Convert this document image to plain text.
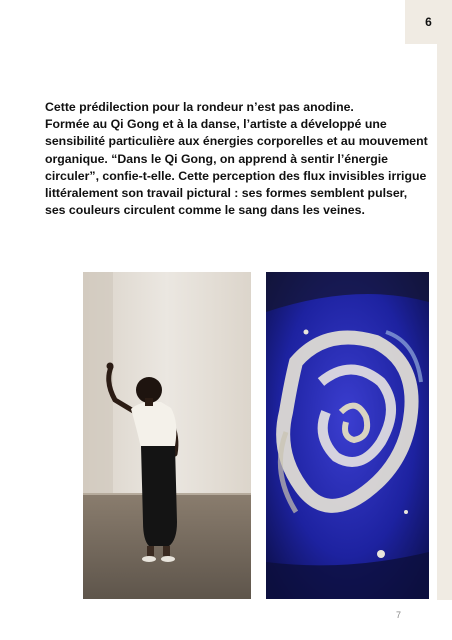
6

Cette prédilection pour la rondeur n’est pas anodine.
Formée au Qi Gong et à la danse, l’artiste a développé une
sensibilité particulière aux énergies corporelles et au mouvement
organique. “Dans le Qi Gong, on apprend à sentir l’énergie
circuler”, confie-t-elle. Cette perception des flux invisibles irrigue
littéralement son travail pictural : ses formes semblent pulser,
ses couleurs circulent comme le sang dans les veines.

7
